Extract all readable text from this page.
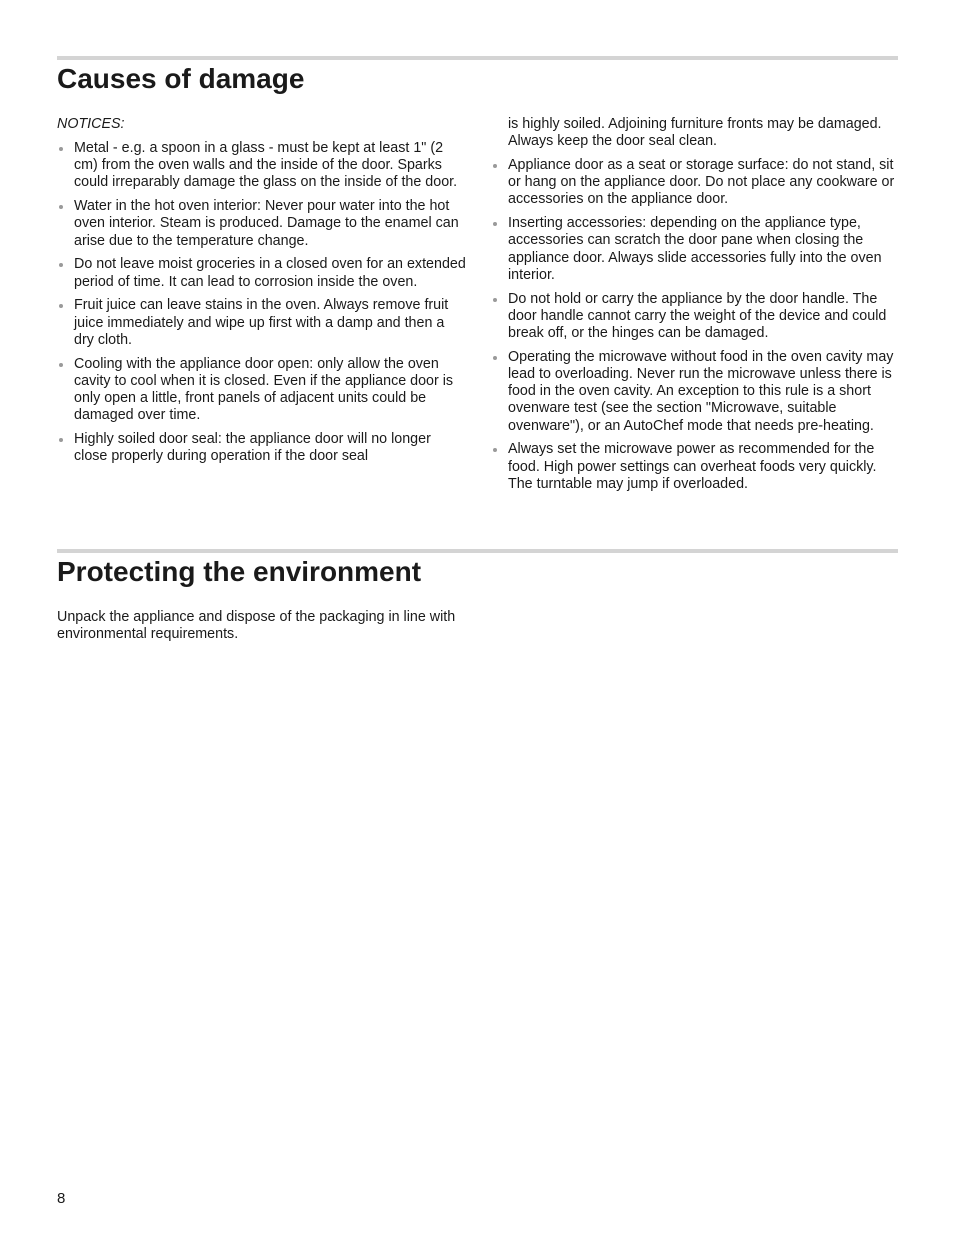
Causes of damage
NOTICES:
Metal - e.g. a spoon in a glass - must be kept at least 1" (2 cm) from the oven walls and the inside of the door. Sparks could irreparably damage the glass on the inside of the door.
Water in the hot oven interior: Never pour water into the hot oven interior. Steam is produced. Damage to the enamel can arise due to the temperature change.
Do not leave moist groceries in a closed oven for an extended period of time. It can lead to corrosion inside the oven.
Fruit juice can leave stains in the oven. Always remove fruit juice immediately and wipe up first with a damp and then a dry cloth.
Cooling with the appliance door open: only allow the oven cavity to cool when it is closed. Even if the appliance door is only open a little, front panels of adjacent units could be damaged over time.
Highly soiled door seal: the appliance door will no longer close properly during operation if the door seal
is highly soiled. Adjoining furniture fronts may be damaged. Always keep the door seal clean.
Appliance door as a seat or storage surface: do not stand, sit or hang on the appliance door. Do not place any cookware or accessories on the appliance door.
Inserting accessories: depending on the appliance type, accessories can scratch the door pane when closing the appliance door. Always slide accessories fully into the oven interior.
Do not hold or carry the appliance by the door handle. The door handle cannot carry the weight of the device and could break off, or the hinges can be damaged.
Operating the microwave without food in the oven cavity may lead to overloading. Never run the microwave unless there is food in the oven cavity. An exception to this rule is a short ovenware test (see the section "Microwave, suitable ovenware"), or an AutoChef mode that needs pre-heating.
Always set the microwave power as recommended for the food. High power settings can overheat foods very quickly. The turntable may jump if overloaded.
Protecting the environment

Unpack the appliance and dispose of the packaging in line with environmental requirements.

8
